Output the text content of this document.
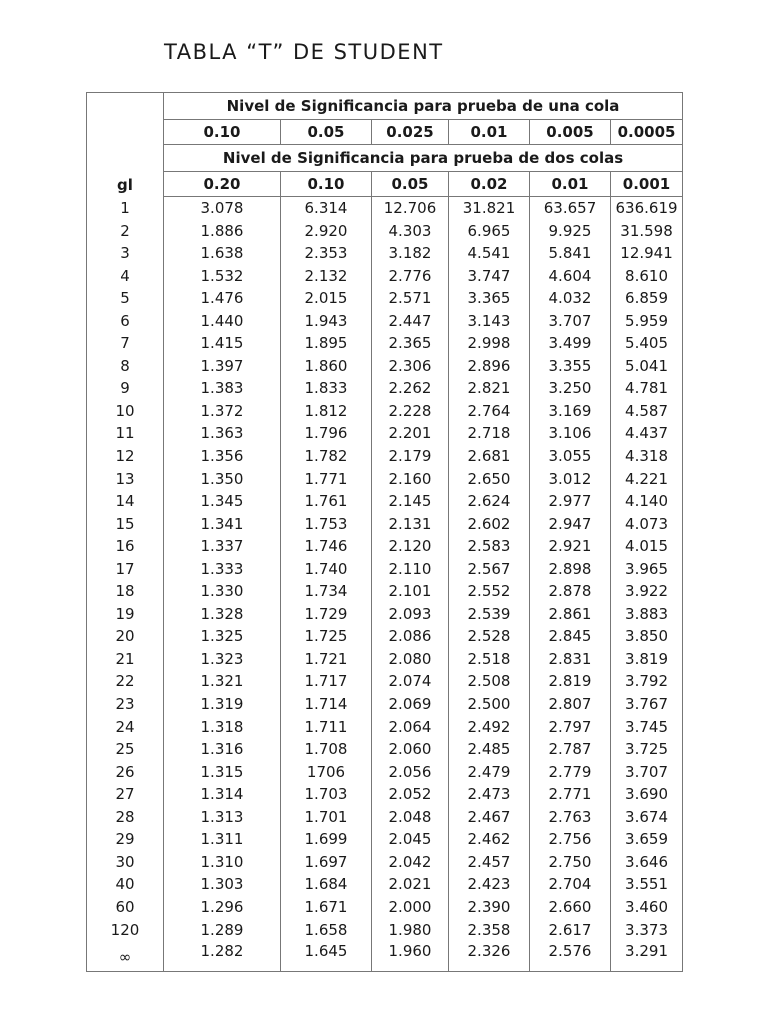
TABLA “T” DE STUDENT
gl	Nivel de Significancia para prueba de una cola					
	0.10	0.05	0.025	0.01	0.005	0.0005
	Nivel de Significancia para prueba de dos colas					
	0.20	0.10	0.05	0.02	0.01	0.001
1	3.078	6.314	12.706	31.821	63.657	636.619
2	1.886	2.920	4.303	6.965	9.925	31.598
3	1.638	2.353	3.182	4.541	5.841	12.941
4	1.532	2.132	2.776	3.747	4.604	8.610
5	1.476	2.015	2.571	3.365	4.032	6.859
6	1.440	1.943	2.447	3.143	3.707	5.959
7	1.415	1.895	2.365	2.998	3.499	5.405
8	1.397	1.860	2.306	2.896	3.355	5.041
9	1.383	1.833	2.262	2.821	3.250	4.781
10	1.372	1.812	2.228	2.764	3.169	4.587
11	1.363	1.796	2.201	2.718	3.106	4.437
12	1.356	1.782	2.179	2.681	3.055	4.318
13	1.350	1.771	2.160	2.650	3.012	4.221
14	1.345	1.761	2.145	2.624	2.977	4.140
15	1.341	1.753	2.131	2.602	2.947	4.073
16	1.337	1.746	2.120	2.583	2.921	4.015
17	1.333	1.740	2.110	2.567	2.898	3.965
18	1.330	1.734	2.101	2.552	2.878	3.922
19	1.328	1.729	2.093	2.539	2.861	3.883
20	1.325	1.725	2.086	2.528	2.845	3.850
21	1.323	1.721	2.080	2.518	2.831	3.819
22	1.321	1.717	2.074	2.508	2.819	3.792
23	1.319	1.714	2.069	2.500	2.807	3.767
24	1.318	1.711	2.064	2.492	2.797	3.745
25	1.316	1.708	2.060	2.485	2.787	3.725
26	1.315	1706	2.056	2.479	2.779	3.707
27	1.314	1.703	2.052	2.473	2.771	3.690
28	1.313	1.701	2.048	2.467	2.763	3.674
29	1.311	1.699	2.045	2.462	2.756	3.659
30	1.310	1.697	2.042	2.457	2.750	3.646
40	1.303	1.684	2.021	2.423	2.704	3.551
60	1.296	1.671	2.000	2.390	2.660	3.460
120	1.289	1.658	1.980	2.358	2.617	3.373

∞	1.282	1.645	1.960	2.326	2.576	3.291
